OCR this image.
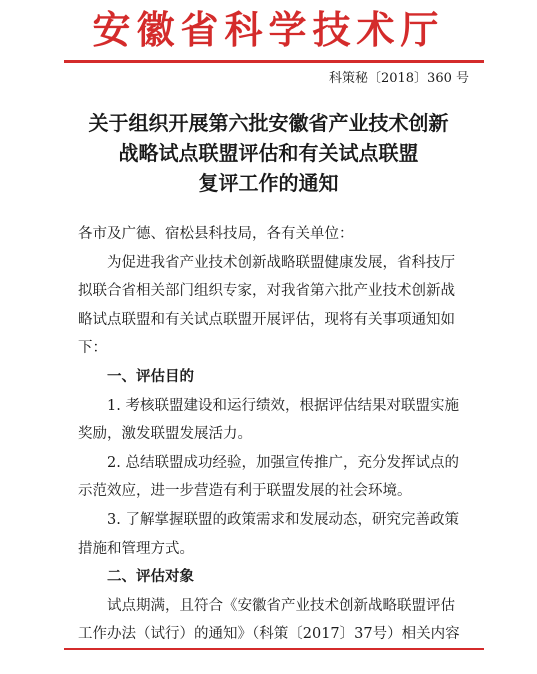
安徽省科学技术厅
科策秘〔2018〕360 号
关于组织开展第六批安徽省产业技术创新
战略试点联盟评估和有关试点联盟
复评工作的通知
各市及广德、宿松县科技局，各有关单位：
为促进我省产业技术创新战略联盟健康发展，省科技厅
拟联合省相关部门组织专家，对我省第六批产业技术创新战
略试点联盟和有关试点联盟开展评估，现将有关事项通知如
下：
一、评估目的
1. 考核联盟建设和运行绩效，根据评估结果对联盟实施
奖励，激发联盟发展活力。
2. 总结联盟成功经验，加强宣传推广，充分发挥试点的
示范效应，进一步营造有利于联盟发展的社会环境。
3. 了解掌握联盟的政策需求和发展动态，研究完善政策
措施和管理方式。
二、评估对象
试点期满，且符合《安徽省产业技术创新战略联盟评估
工作办法（试行）的通知》（科策〔2017〕37号）相关内容
